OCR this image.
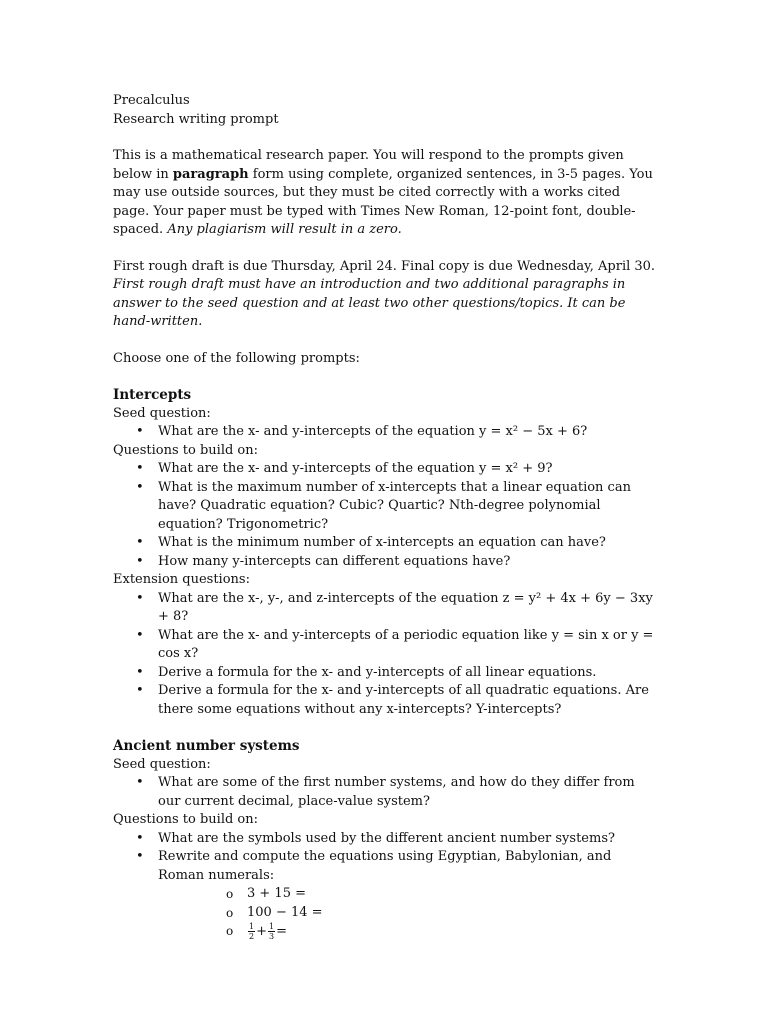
Precalculus

Research writing prompt

This is a mathematical research paper. You will respond to the prompts given below in paragraph form using complete, organized sentences, in 3-5 pages. You may use outside sources, but they must be cited correctly with a works cited page. Your paper must be typed with Times New Roman, 12-point font, double-spaced. Any plagiarism will result in a zero.

First rough draft is due Thursday, April 24. Final copy is due Wednesday, April 30.

First rough draft must have an introduction and two additional paragraphs in answer to the seed question and at least two other questions/topics. It can be hand-written.

Choose one of the following prompts:

Intercepts

Seed question:

• What are the x- and y-intercepts of the equation y = x² − 5x + 6?

Questions to build on:

• What are the x- and y-intercepts of the equation y = x² + 9?
• What is the maximum number of x-intercepts that a linear equation can have? Quadratic equation? Cubic? Quartic? Nth-degree polynomial equation? Trigonometric?
• What is the minimum number of x-intercepts an equation can have?
• How many y-intercepts can different equations have?

Extension questions:

• What are the x-, y-, and z-intercepts of the equation z = y² + 4x + 6y − 3xy + 8?
• What are the x- and y-intercepts of a periodic equation like y = sin x or y = cos x?
• Derive a formula for the x- and y-intercepts of all linear equations.
• Derive a formula for the x- and y-intercepts of all quadratic equations. Are there some equations without any x-intercepts? Y-intercepts?

Ancient number systems

Seed question:

• What are some of the first number systems, and how do they differ from our current decimal, place-value system?

Questions to build on:

• What are the symbols used by the different ancient number systems?
• Rewrite and compute the equations using Egyptian, Babylonian, and Roman numerals:
o 3 + 15 =
o 100 − 14 =
o $\frac{1}{2} + \frac{1}{3}$ =
